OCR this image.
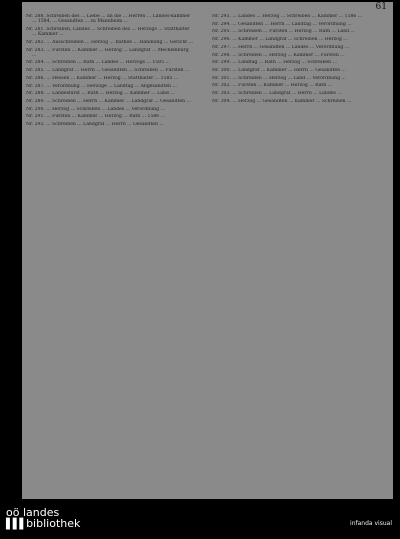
61
Nr. 288. Schreiben des ... Liebe ... an die ... Herren ... Landes-kammer ... 1584, ... Gesandten ... zu Mannheim ...
Nr. 281. Schreiben, Landes ... Schreiben des ... Herzogs ... Statthalter ... Kammer ...
Nr. 282. ... Ausschreiben ... Herzog ... Rathen ... Handlung ... Gericht ...
Nr. 283. ... Fürsten ... Kammer ... Herzog ... Landgraf ... Mecklenburg ...
Nr. 284. ... Schreiben ... Rath ... Landes ... Herzogs ... 1585 ...
Nr. 285. ... Landgraf ... Herrn ... Gesandten ... Schreiben ... Fürsten ...
Nr. 286. ... Hessen ... Kammer ... Herzog ... Statthalter ... 1585 ...
Nr. 287. ... Verordnung ... Herzoge ... Landtag ... Abgesandten ...
Nr. 288. ... Landesfürst ... Rath ... Herzog ... Kammer ... Land ...
Nr. 289. ... Schreiben ... Herrn ... Kammer ... Landgraf ... Gesandten ...
Nr. 290. ... Herzog ... Schreiben ... Landes ... Verordnung ...
Nr. 291. ... Fürsten ... Kammer ... Herzog ... Rath ... 1586 ...
Nr. 292. ... Schreiben ... Landgraf ... Herrn ... Gesandten ...
Nr. 293. ... Landes ... Herzog ... Schreiben ... Kammer ... 1586 ...
Nr. 294. ... Gesandten ... Herrn ... Landtag ... Verordnung ...
Nr. 295. ... Schreiben ... Fürsten ... Herzog ... Rath ... Land ...
Nr. 296. ... Kammer ... Landgraf ... Schreiben ... Herzog ...
Nr. 297. ... Herrn ... Gesandten ... Landes ... Verordnung ...
Nr. 298. ... Schreiben ... Herzog ... Kammer ... Fürsten ...
Nr. 299. ... Landtag ... Rath ... Herzog ... Schreiben ...
Nr. 300. ... Landgraf ... Kammer ... Herrn ... Gesandten ...
Nr. 301. ... Schreiben ... Herzog ... Land ... Verordnung ...
Nr. 302. ... Fürsten ... Kammer ... Herzog ... Rath ...
Nr. 303. ... Schreiben ... Landgraf ... Herrn ... Landes ...
Nr. 304. ... Herzog ... Gesandten ... Kammer ... Schreiben ...
oö landes
▌▌▌bibliothek	infanda visual
